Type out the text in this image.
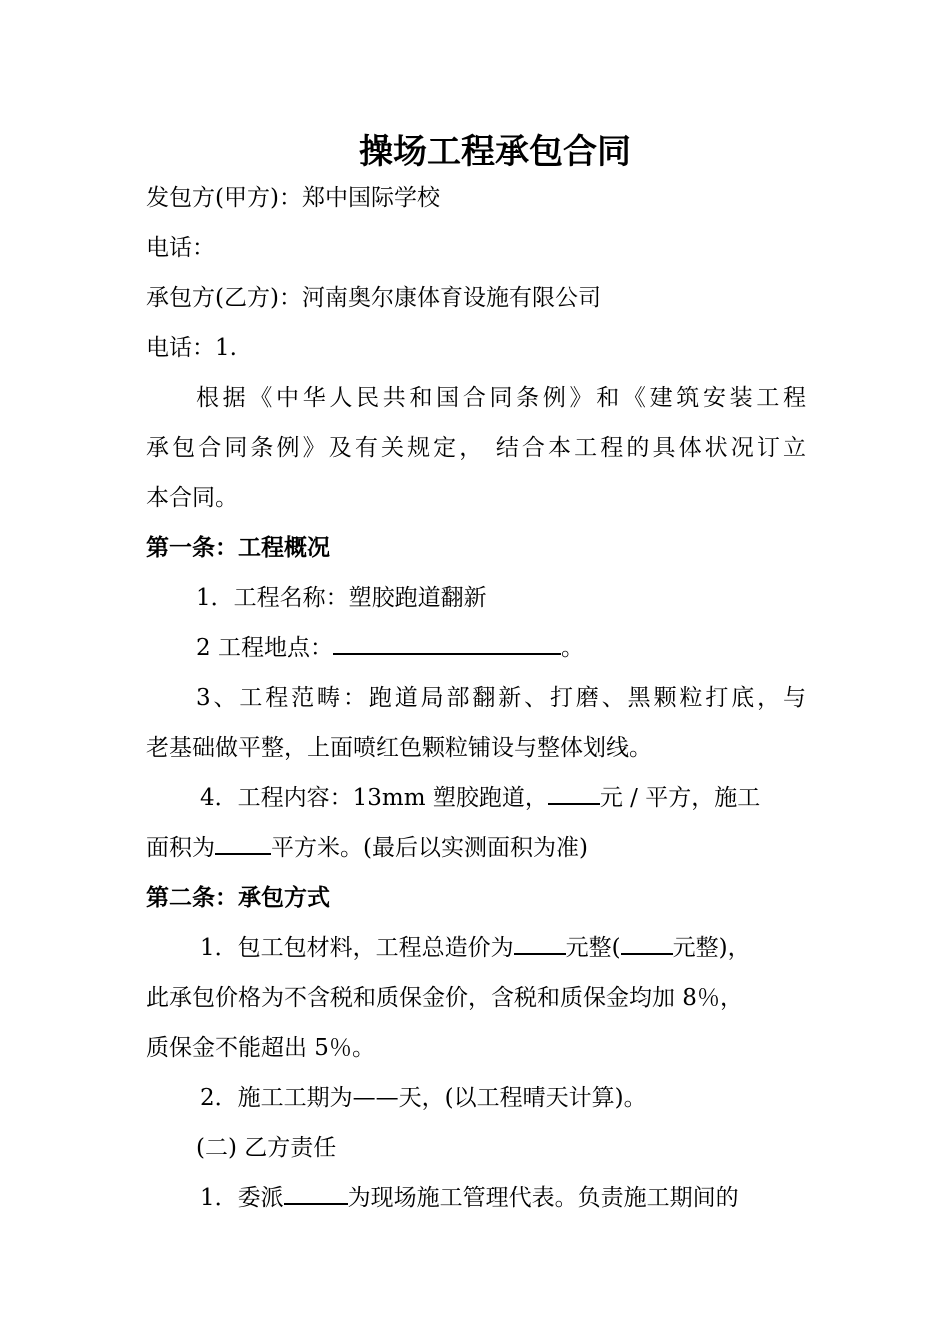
操场工程承包合同
发包方(甲方)：郑中国际学校
电话：
承包方(乙方)：河南奥尔康体育设施有限公司
电话：1.
根据《中华人民共和国合同条例》和《建筑安装工程
承包合同条例》及有关规定， 结合本工程的具体状况订立
本合同。
第一条：工程概况
1．工程名称：塑胶跑道翻新
2 工程地点：	。
3、工程范畴：跑道局部翻新、打磨、黑颗粒打底，与
老基础做平整，上面喷红色颗粒铺设与整体划线。
4．工程内容：13mm 塑胶跑道， 元 / 平方，施工
面积为 平方米。(最后以实测面积为准)
第二条：承包方式
1．包工包材料，工程总造价为 元整( 元整)，
此承包价格为不含税和质保金价，含税和质保金均加 8％，
质保金不能超出 5％。
2．施工工期为——天，(以工程晴天计算)。
(二) 乙方责任
1．委派	为现场施工管理代表。负责施工期间的
